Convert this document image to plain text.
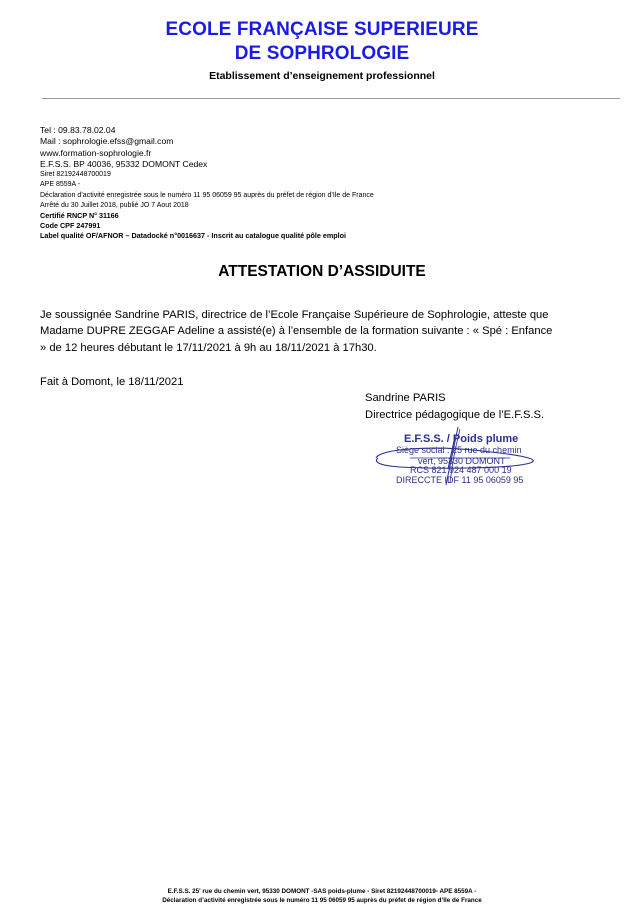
ECOLE FRANÇAISE SUPERIEURE
DE SOPHROLOGIE
Etablissement d’enseignement professionnel
Tel : 09.83.78.02.04
Mail : sophrologie.efss@gmail.com
www.formation-sophrologie.fr
E.F.S.S. BP 40036, 95332 DOMONT Cedex
Siret 82192448700019
APE 8559A -
Déclaration d’activité enregistrée sous le numéro 11 95 06059 95 auprès du préfet de région d’Ile de France
Arrêté du 30 Juillet 2018, publié JO 7 Aout 2018
Certifié RNCP N° 31166
Code CPF 247991
Label qualité OF/AFNOR – Datadocké n°0016637 - Inscrit au catalogue qualité pôle emploi
ATTESTATION D’ASSIDUITE
Je soussignée Sandrine PARIS, directrice de l’Ecole Française Supérieure de Sophrologie, atteste que
Madame DUPRE ZEGGAF Adeline a assisté(e) à l’ensemble de la formation suivante : « Spé : Enfance
» de 12 heures débutant le 17/11/2021 à 9h au 18/11/2021 à 17h30.
Fait à Domont, le 18/11/2021
Sandrine PARIS
Directrice pédagogique de l’E.F.S.S.
E.F.S.S. / Poids plume
Siège social : 25 rue du chemin
vert, 95330 DOMONT
RCS 821 924 487 000 19
DIRECCTE IDF 11 95 06059 95
E.F.S.S. 25' rue du chemin vert, 95330 DOMONT -SAS poids-plume - Siret 82192448700019- APE 8559A -
Déclaration d’activité enregistrée sous le numéro 11 95 06059 95 auprès du préfet de région d’Ile de France
